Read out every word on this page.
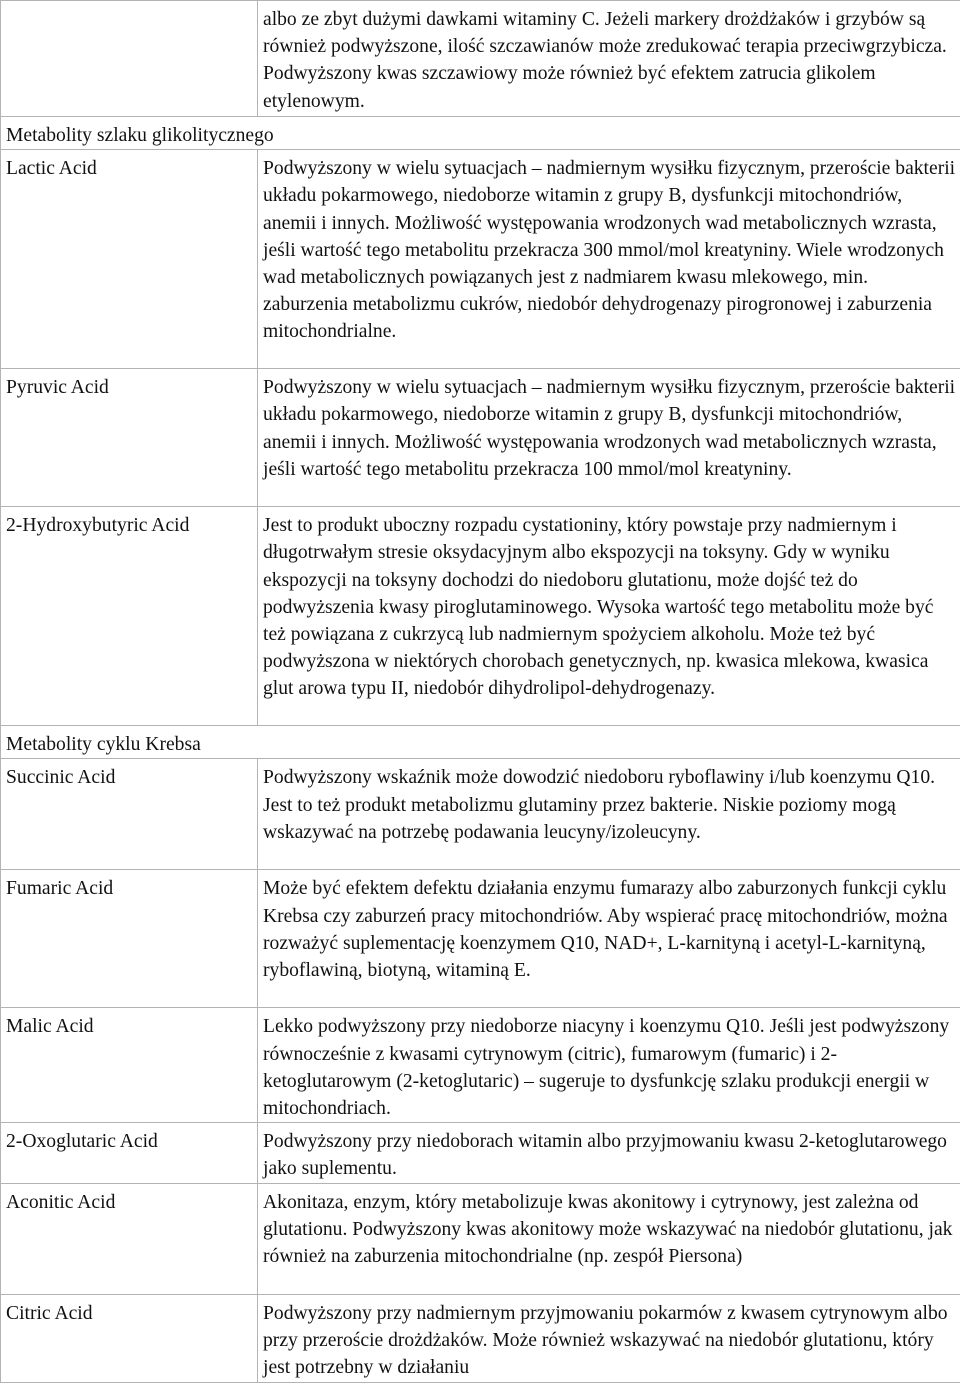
	albo ze zbyt dużymi dawkami witaminy C. Jeżeli markery drożdżaków i grzybów są również podwyższone, ilość szczawianów może zredukować terapia przeciwgrzybicza. Podwyższony kwas szczawiowy może również być efektem zatrucia glikolem etylenowym.
Metabolity szlaku glikolitycznego	
Lactic Acid	Podwyższony w wielu sytuacjach – nadmiernym wysiłku fizycznym, przeroście bakterii układu pokarmowego, niedoborze witamin z grupy B, dysfunkcji mitochondriów, anemii i innych. Możliwość występowania wrodzonych wad metabolicznych wzrasta, jeśli wartość tego metabolitu przekracza 300 mmol/mol kreatyniny. Wiele wrodzonych wad metabolicznych powiązanych jest z nadmiarem kwasu mlekowego, min. zaburzenia metabolizmu cukrów, niedobór dehydrogenazy pirogronowej i zaburzenia mitochondrialne.
Pyruvic Acid	Podwyższony w wielu sytuacjach – nadmiernym wysiłku fizycznym, przeroście bakterii układu pokarmowego, niedoborze witamin z grupy B, dysfunkcji mitochondriów, anemii i innych. Możliwość występowania wrodzonych wad metabolicznych wzrasta, jeśli wartość tego metabolitu przekracza 100 mmol/mol kreatyniny.
2-Hydroxybutyric Acid	Jest to produkt uboczny rozpadu cystationiny, który powstaje przy nadmiernym i długotrwałym stresie oksydacyjnym albo ekspozycji na toksyny. Gdy w wyniku ekspozycji na toksyny dochodzi do niedoboru glutationu, może dojść też do podwyższenia kwasy piroglutaminowego. Wysoka wartość tego metabolitu może być też powiązana z cukrzycą lub nadmiernym spożyciem alkoholu. Może też być podwyższona w niektórych chorobach genetycznych, np. kwasica mlekowa, kwasica glut arowa typu II, niedobór dihydrolipol-dehydrogenazy.
Metabolity cyklu Krebsa	
Succinic Acid	Podwyższony wskaźnik może dowodzić niedoboru ryboflawiny i/lub koenzymu Q10. Jest to też produkt metabolizmu glutaminy przez bakterie. Niskie poziomy mogą wskazywać na potrzebę podawania leucyny/izoleucyny.
Fumaric Acid	Może być efektem defektu działania enzymu fumarazy albo zaburzonych funkcji cyklu Krebsa czy zaburzeń pracy mitochondriów. Aby wspierać pracę mitochondriów, można rozważyć suplementację koenzymem Q10, NAD+, L-karnityną i acetyl-L-karnityną, ryboflawiną, biotyną, witaminą E.
Malic Acid	Lekko podwyższony przy niedoborze niacyny i koenzymu Q10. Jeśli jest podwyższony równocześnie z kwasami cytrynowym (citric), fumarowym (fumaric) i 2-ketoglutarowym (2-ketoglutaric) – sugeruje to dysfunkcję szlaku produkcji energii w mitochondriach.
2-Oxoglutaric Acid	Podwyższony przy niedoborach witamin albo przyjmowaniu kwasu 2-ketoglutarowego jako suplementu.
Aconitic Acid	Akonitaza, enzym, który metabolizuje kwas akonitowy i cytrynowy, jest zależna od glutationu. Podwyższony kwas akonitowy może wskazywać na niedobór glutationu, jak również na zaburzenia mitochondrialne (np. zespół Piersona)
Citric Acid	Podwyższony przy nadmiernym przyjmowaniu pokarmów z kwasem cytrynowym albo przy przeroście drożdżaków. Może również wskazywać na niedobór glutationu, który jest potrzebny w działaniu
